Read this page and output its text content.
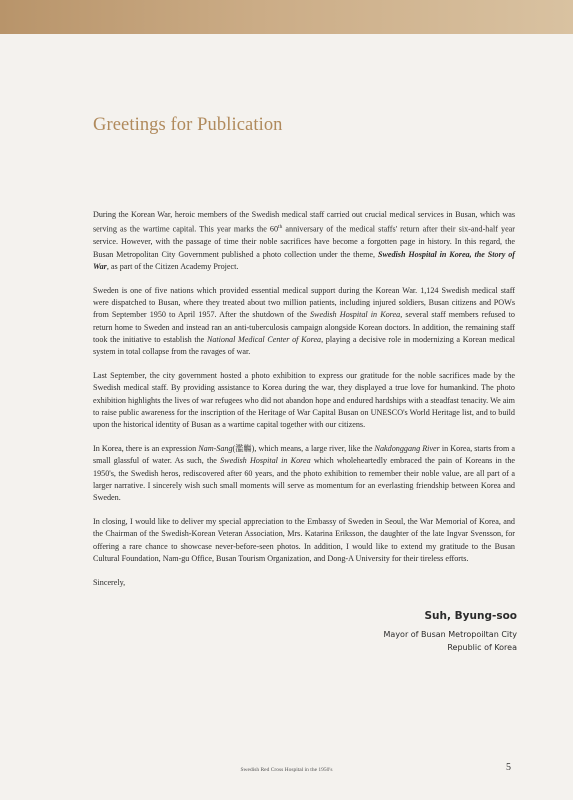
Greetings for Publication

During the Korean War, heroic members of the Swedish medical staff carried out crucial medical services in Busan, which was serving as the wartime capital. This year marks the 60th anniversary of the medical staffs' return after their six-and-half year service. However, with the passage of time their noble sacrifices have become a forgotten page in history. In this regard, the Busan Metropolitan City Government published a photo collection under the theme, Swedish Hospital in Korea, the Story of War, as part of the Citizen Academy Project.

Sweden is one of five nations which provided essential medical support during the Korean War. 1,124 Swedish medical staff were dispatched to Busan, where they treated about two million patients, including injured soldiers, Busan citizens and POWs from September 1950 to April 1957. After the shutdown of the Swedish Hospital in Korea, several staff members refused to return home to Sweden and instead ran an anti-tuberculosis campaign alongside Korean doctors. In addition, the remaining staff took the initiative to establish the National Medical Center of Korea, playing a decisive role in modernizing a Korean medical system in total collapse from the ravages of war.

Last September, the city government hosted a photo exhibition to express our gratitude for the noble sacrifices made by the Swedish medical staff. By providing assistance to Korea during the war, they displayed a true love for humankind. The photo exhibition highlights the lives of war refugees who did not abandon hope and endured hardships with a steadfast tenacity. We aim to raise public awareness for the inscription of the Heritage of War Capital Busan on UNESCO's World Heritage list, and to build upon the historical identity of Busan as a wartime capital together with our citizens.

In Korea, there is an expression Nam-Sang(濫觴), which means, a large river, like the Nakdonggang River in Korea, starts from a small glassful of water. As such, the Swedish Hospital in Korea which wholeheartedly embraced the pain of Koreans in the 1950's, the Swedish heros, rediscovered after 60 years, and the photo exhibition to remember their noble value, are all part of a larger narrative. I sincerely wish such small moments will serve as momentum for an everlasting friendship between Korea and Sweden.

In closing, I would like to deliver my special appreciation to the Embassy of Sweden in Seoul, the War Memorial of Korea, and the Chairman of the Swedish-Korean Veteran Association, Mrs. Katarina Eriksson, the daughter of the late Ingvar Svensson, for offering a rare chance to showcase never-before-seen photos. In addition, I would like to extend my gratitude to the Busan Cultural Foundation, Nam-gu Office, Busan Tourism Organization, and Dong-A University for their tireless efforts.

Sincerely,

Suh, Byung-soo
Mayor of Busan Metropoiltan City
Republic of Korea
Swedish Red Cross Hospital in the 1950's	5
